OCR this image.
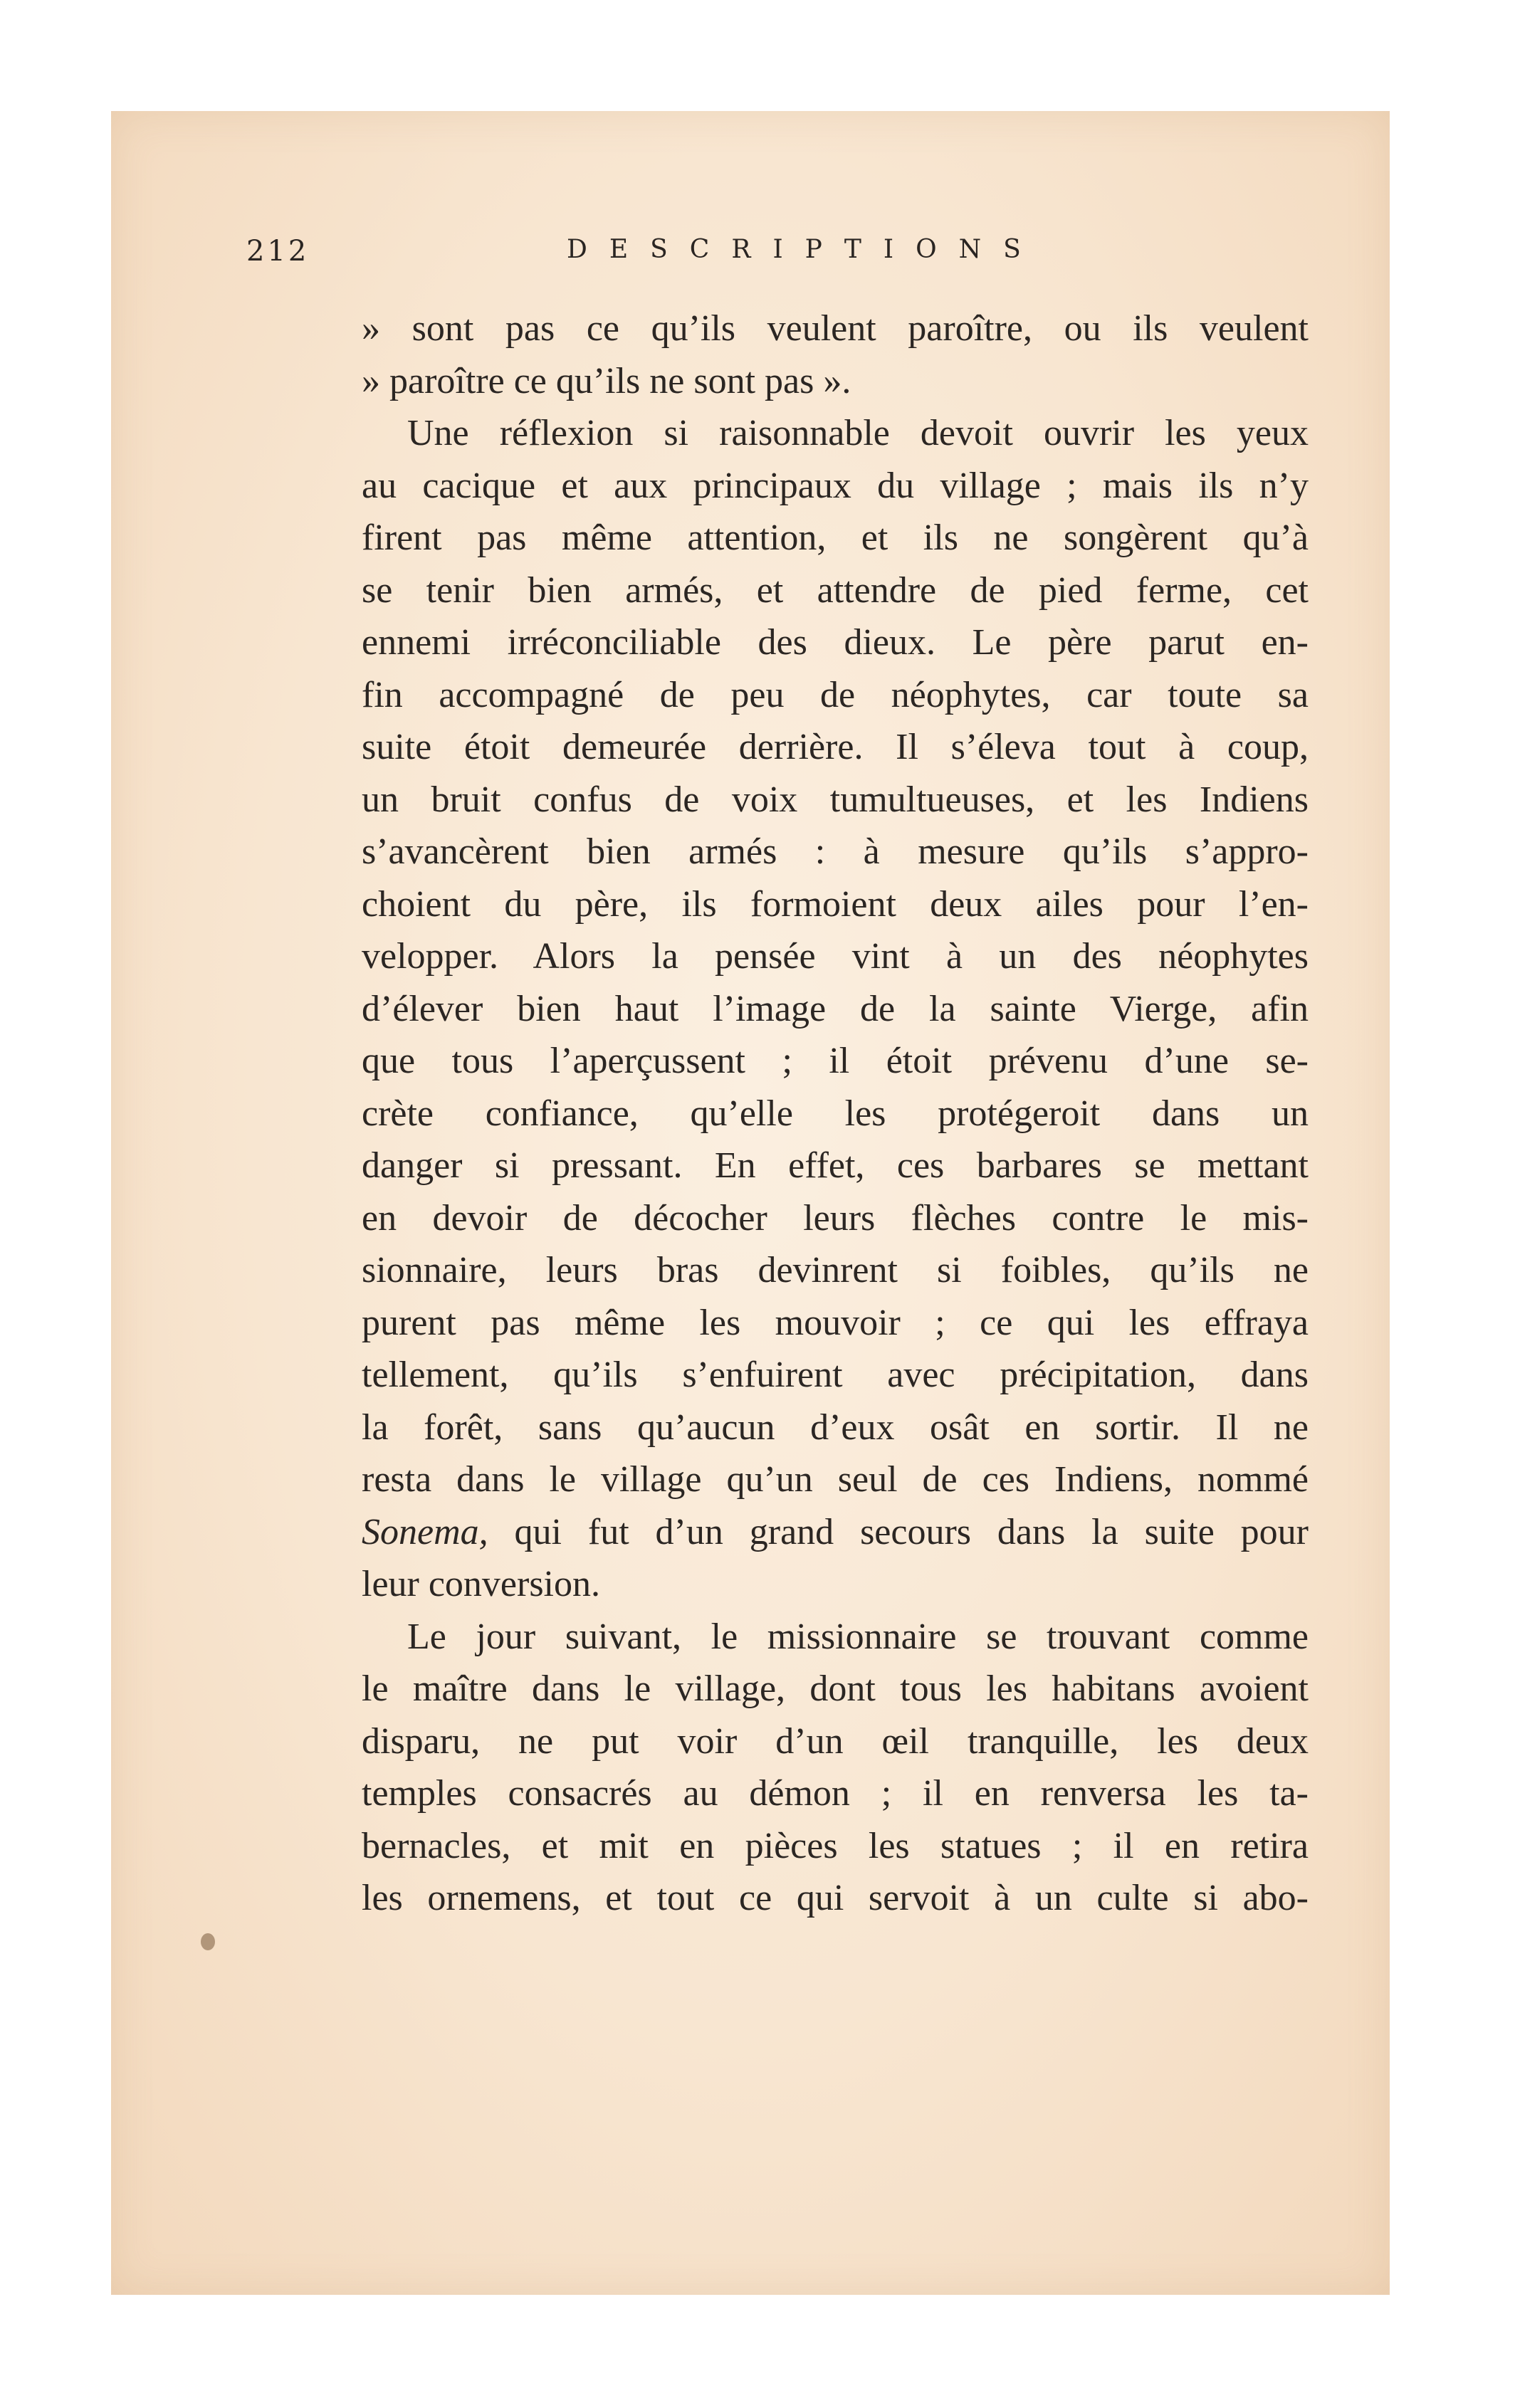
212	DESCRIPTIONS
» sont pas ce qu’ils veulent paroître, ou ils veulent
» paroître ce qu’ils ne sont pas ».
Une réflexion si raisonnable devoit ouvrir les yeux
au cacique et aux principaux du village ; mais ils n’y
firent pas même attention, et ils ne songèrent qu’à
se tenir bien armés, et attendre de pied ferme, cet
ennemi irréconciliable des dieux. Le père parut en-
fin accompagné de peu de néophytes, car toute sa
suite étoit demeurée derrière. Il s’éleva tout à coup,
un bruit confus de voix tumultueuses, et les Indiens
s’avancèrent bien armés : à mesure qu’ils s’appro-
choient du père, ils formoient deux ailes pour l’en-
velopper. Alors la pensée vint à un des néophytes
d’élever bien haut l’image de la sainte Vierge, afin
que tous l’aperçussent ; il étoit prévenu d’une se-
crète confiance, qu’elle les protégeroit dans un
danger si pressant. En effet, ces barbares se mettant
en devoir de décocher leurs flèches contre le mis-
sionnaire, leurs bras devinrent si foibles, qu’ils ne
purent pas même les mouvoir ; ce qui les effraya
tellement, qu’ils s’enfuirent avec précipitation, dans
la forêt, sans qu’aucun d’eux osât en sortir. Il ne
resta dans le village qu’un seul de ces Indiens, nommé
Sonema, qui fut d’un grand secours dans la suite pour
leur conversion.
Le jour suivant, le missionnaire se trouvant comme
le maître dans le village, dont tous les habitans avoient
disparu, ne put voir d’un œil tranquille, les deux
temples consacrés au démon ; il en renversa les ta-
bernacles, et mit en pièces les statues ; il en retira
les ornemens, et tout ce qui servoit à un culte si abo-
